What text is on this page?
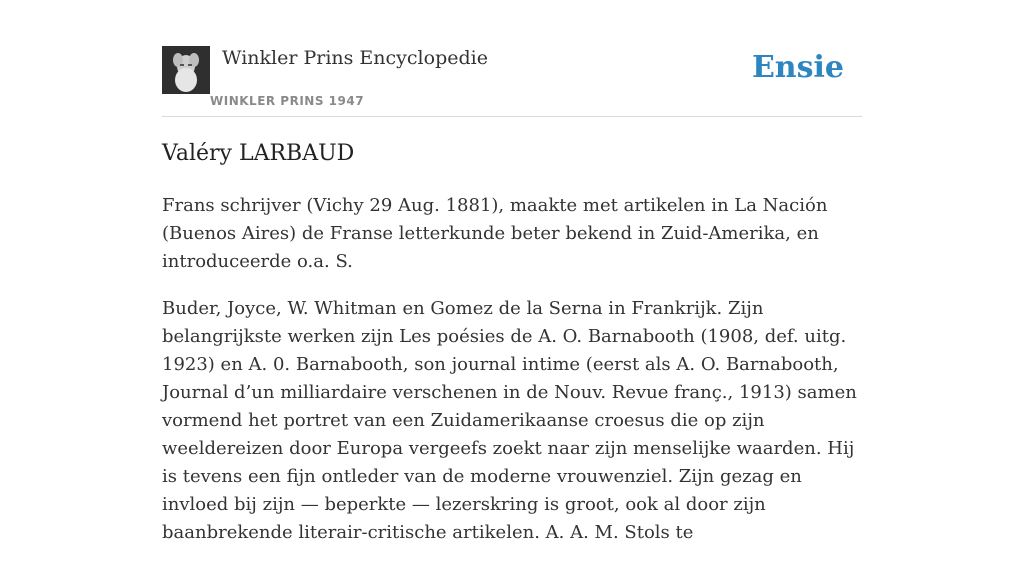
Winkler Prins Encyclopedie
WINKLER PRINS 1947
Ensie
Valéry LARBAUD

Frans schrijver (Vichy 29 Aug. 1881), maakte met artikelen in La Nación (Buenos Aires) de Franse letterkunde beter bekend in Zuid-Amerika, en introduceerde o.a. S.

Buder, Joyce, W. Whitman en Gomez de la Serna in Frankrijk. Zijn belangrijkste werken zijn Les poésies de A. O. Barnabooth (1908, def. uitg. 1923) en A. 0. Barnabooth, son journal intime (eerst als A. O. Barnabooth, Journal d’un milliardaire verschenen in de Nouv. Revue franç., 1913) samen vormend het portret van een Zuidamerikaanse croesus die op zijn weeldereizen door Europa vergeefs zoekt naar zijn menselijke waarden. Hij is tevens een fijn ontleder van de moderne vrouwenziel. Zijn gezag en invloed bij zijn — beperkte — lezerskring is groot, ook al door zijn baanbrekende literair-critische artikelen. A. A. M. Stols te
